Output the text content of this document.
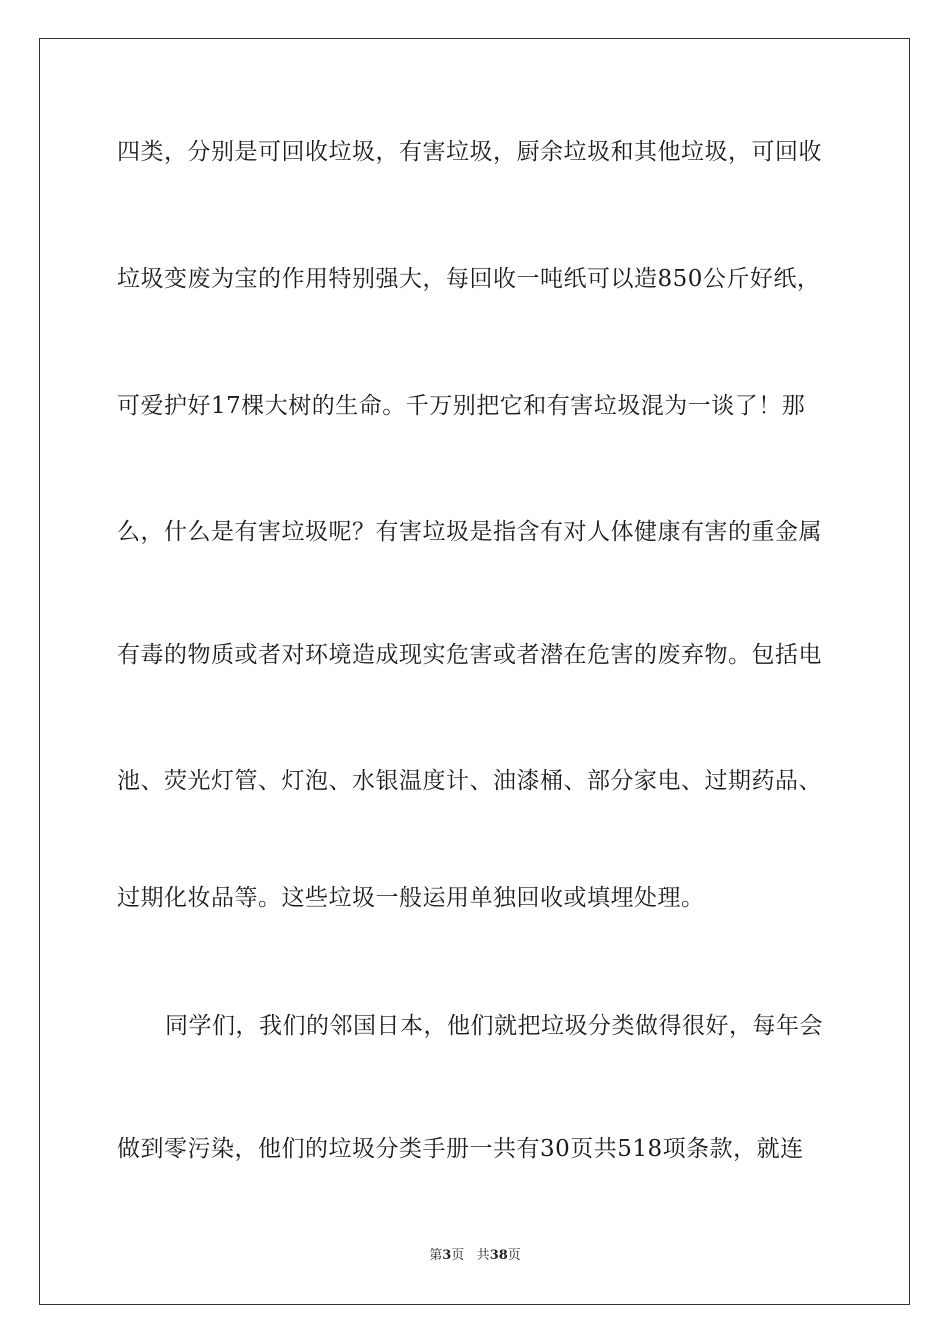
四类，分别是可回收垃圾，有害垃圾，厨余垃圾和其他垃圾，可回收
垃圾变废为宝的作用特别强大，每回收一吨纸可以造850公斤好纸，
可爱护好17棵大树的生命。千万别把它和有害垃圾混为一谈了！那
么，什么是有害垃圾呢？有害垃圾是指含有对人体健康有害的重金属
有毒的物质或者对环境造成现实危害或者潜在危害的废弃物。包括电
池、荧光灯管、灯泡、水银温度计、油漆桶、部分家电、过期药品、
过期化妆品等。这些垃圾一般运用单独回收或填埋处理。
同学们，我们的邻国日本，他们就把垃圾分类做得很好，每年会
做到零污染，他们的垃圾分类手册一共有30页共518项条款，就连
第3页 共38页
